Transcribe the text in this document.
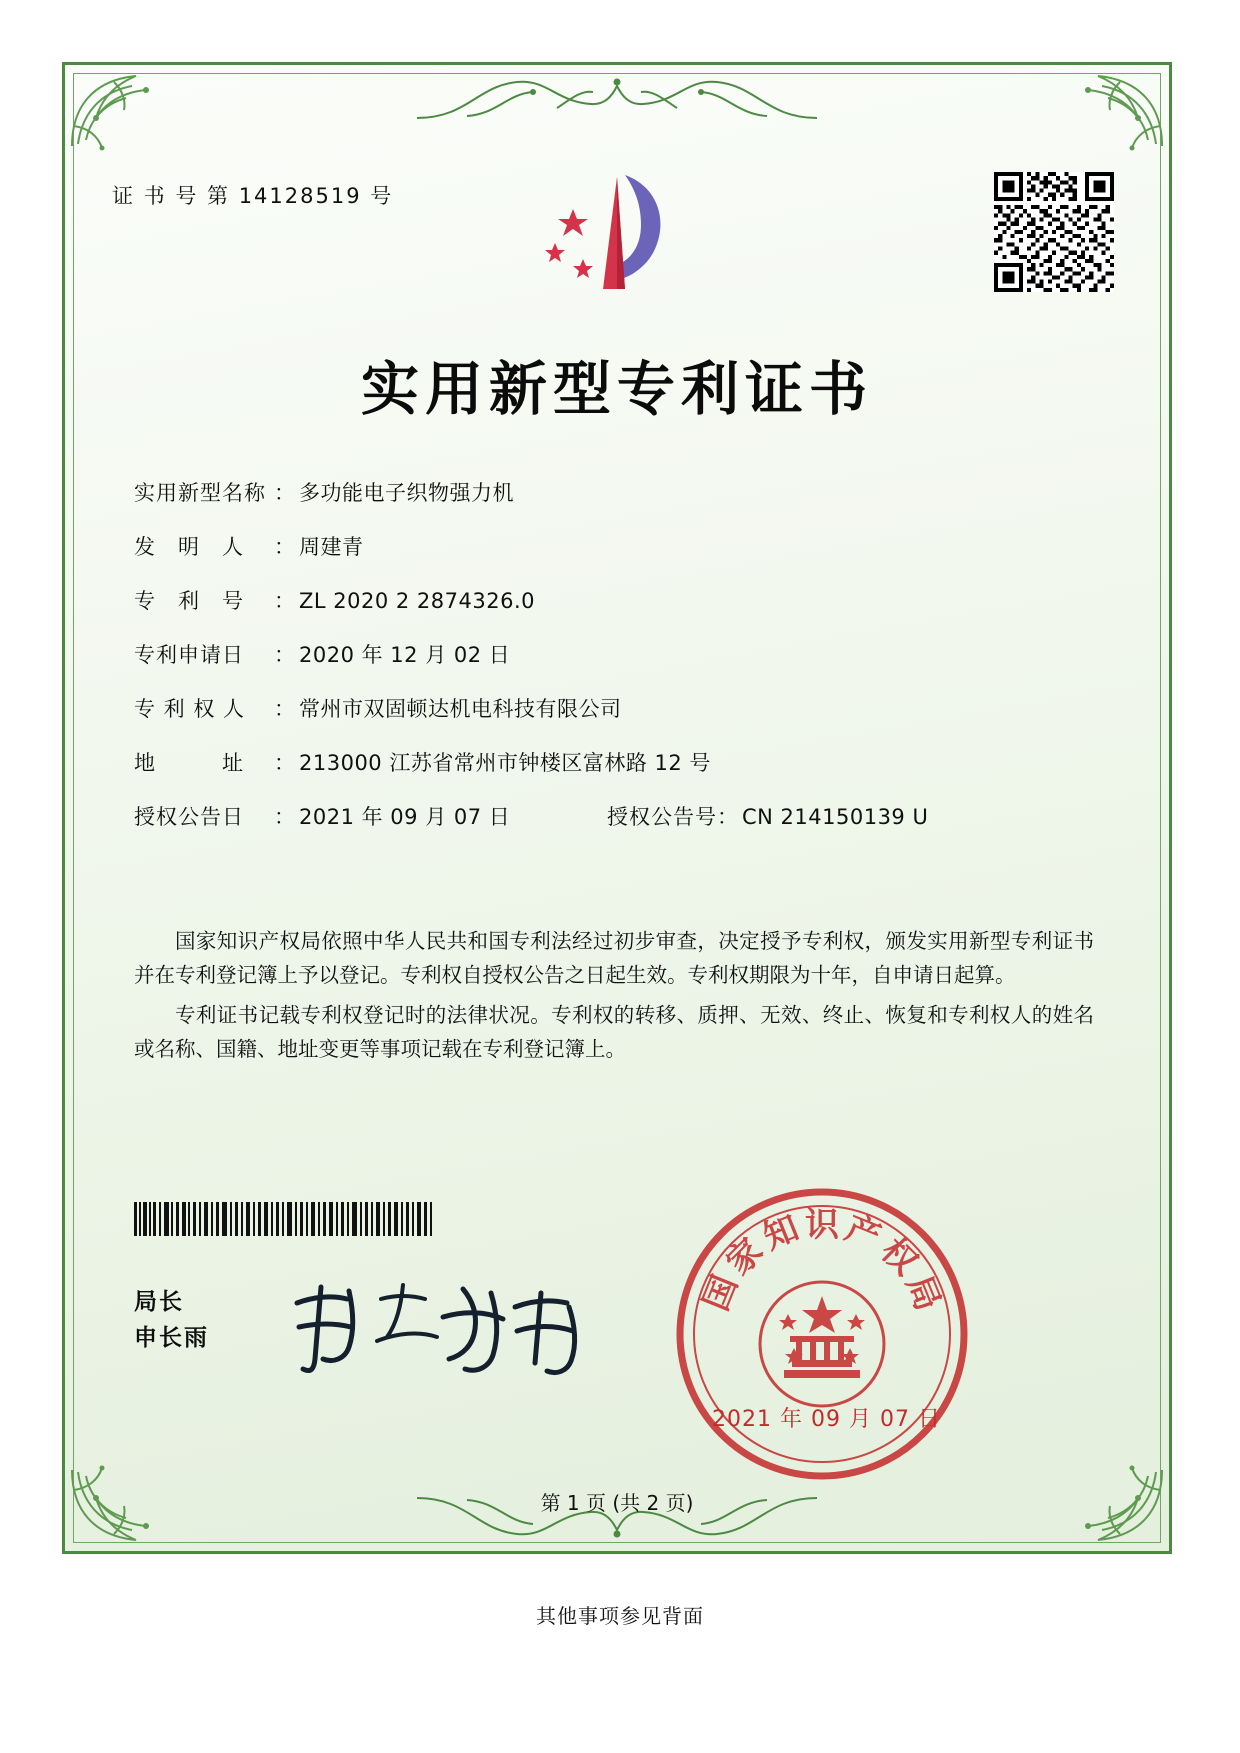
证 书 号 第 14128519 号
实用新型专利证书
实用新型名称 ： 多功能电子织物强力机
发　明　人	： 周建青
专　利　号	： ZL 2020 2 2874326.0
专利申请日	： 2020 年 12 月 02 日
专 利 权 人	： 常州市双固顿达机电科技有限公司
地　　　址	： 213000 江苏省常州市钟楼区富林路 12 号
授权公告日	： 2021 年 09 月 07 日	授权公告号 ： CN 214150139 U

国家知识产权局依照中华人民共和国专利法经过初步审查，决定授予专利权，颁发实用新型专利证书并在专利登记簿上予以登记。专利权自授权公告之日起生效。专利权期限为十年，自申请日起算。

专利证书记载专利权登记时的法律状况。专利权的转移、质押、无效、终止、恢复和专利权人的姓名或名称、国籍、地址变更等事项记载在专利登记簿上。

局长
申长雨
国
家
知 识 产
权
局
2021 年 09 月 07 日
第 1 页 (共 2 页)
其他事项参见背面
